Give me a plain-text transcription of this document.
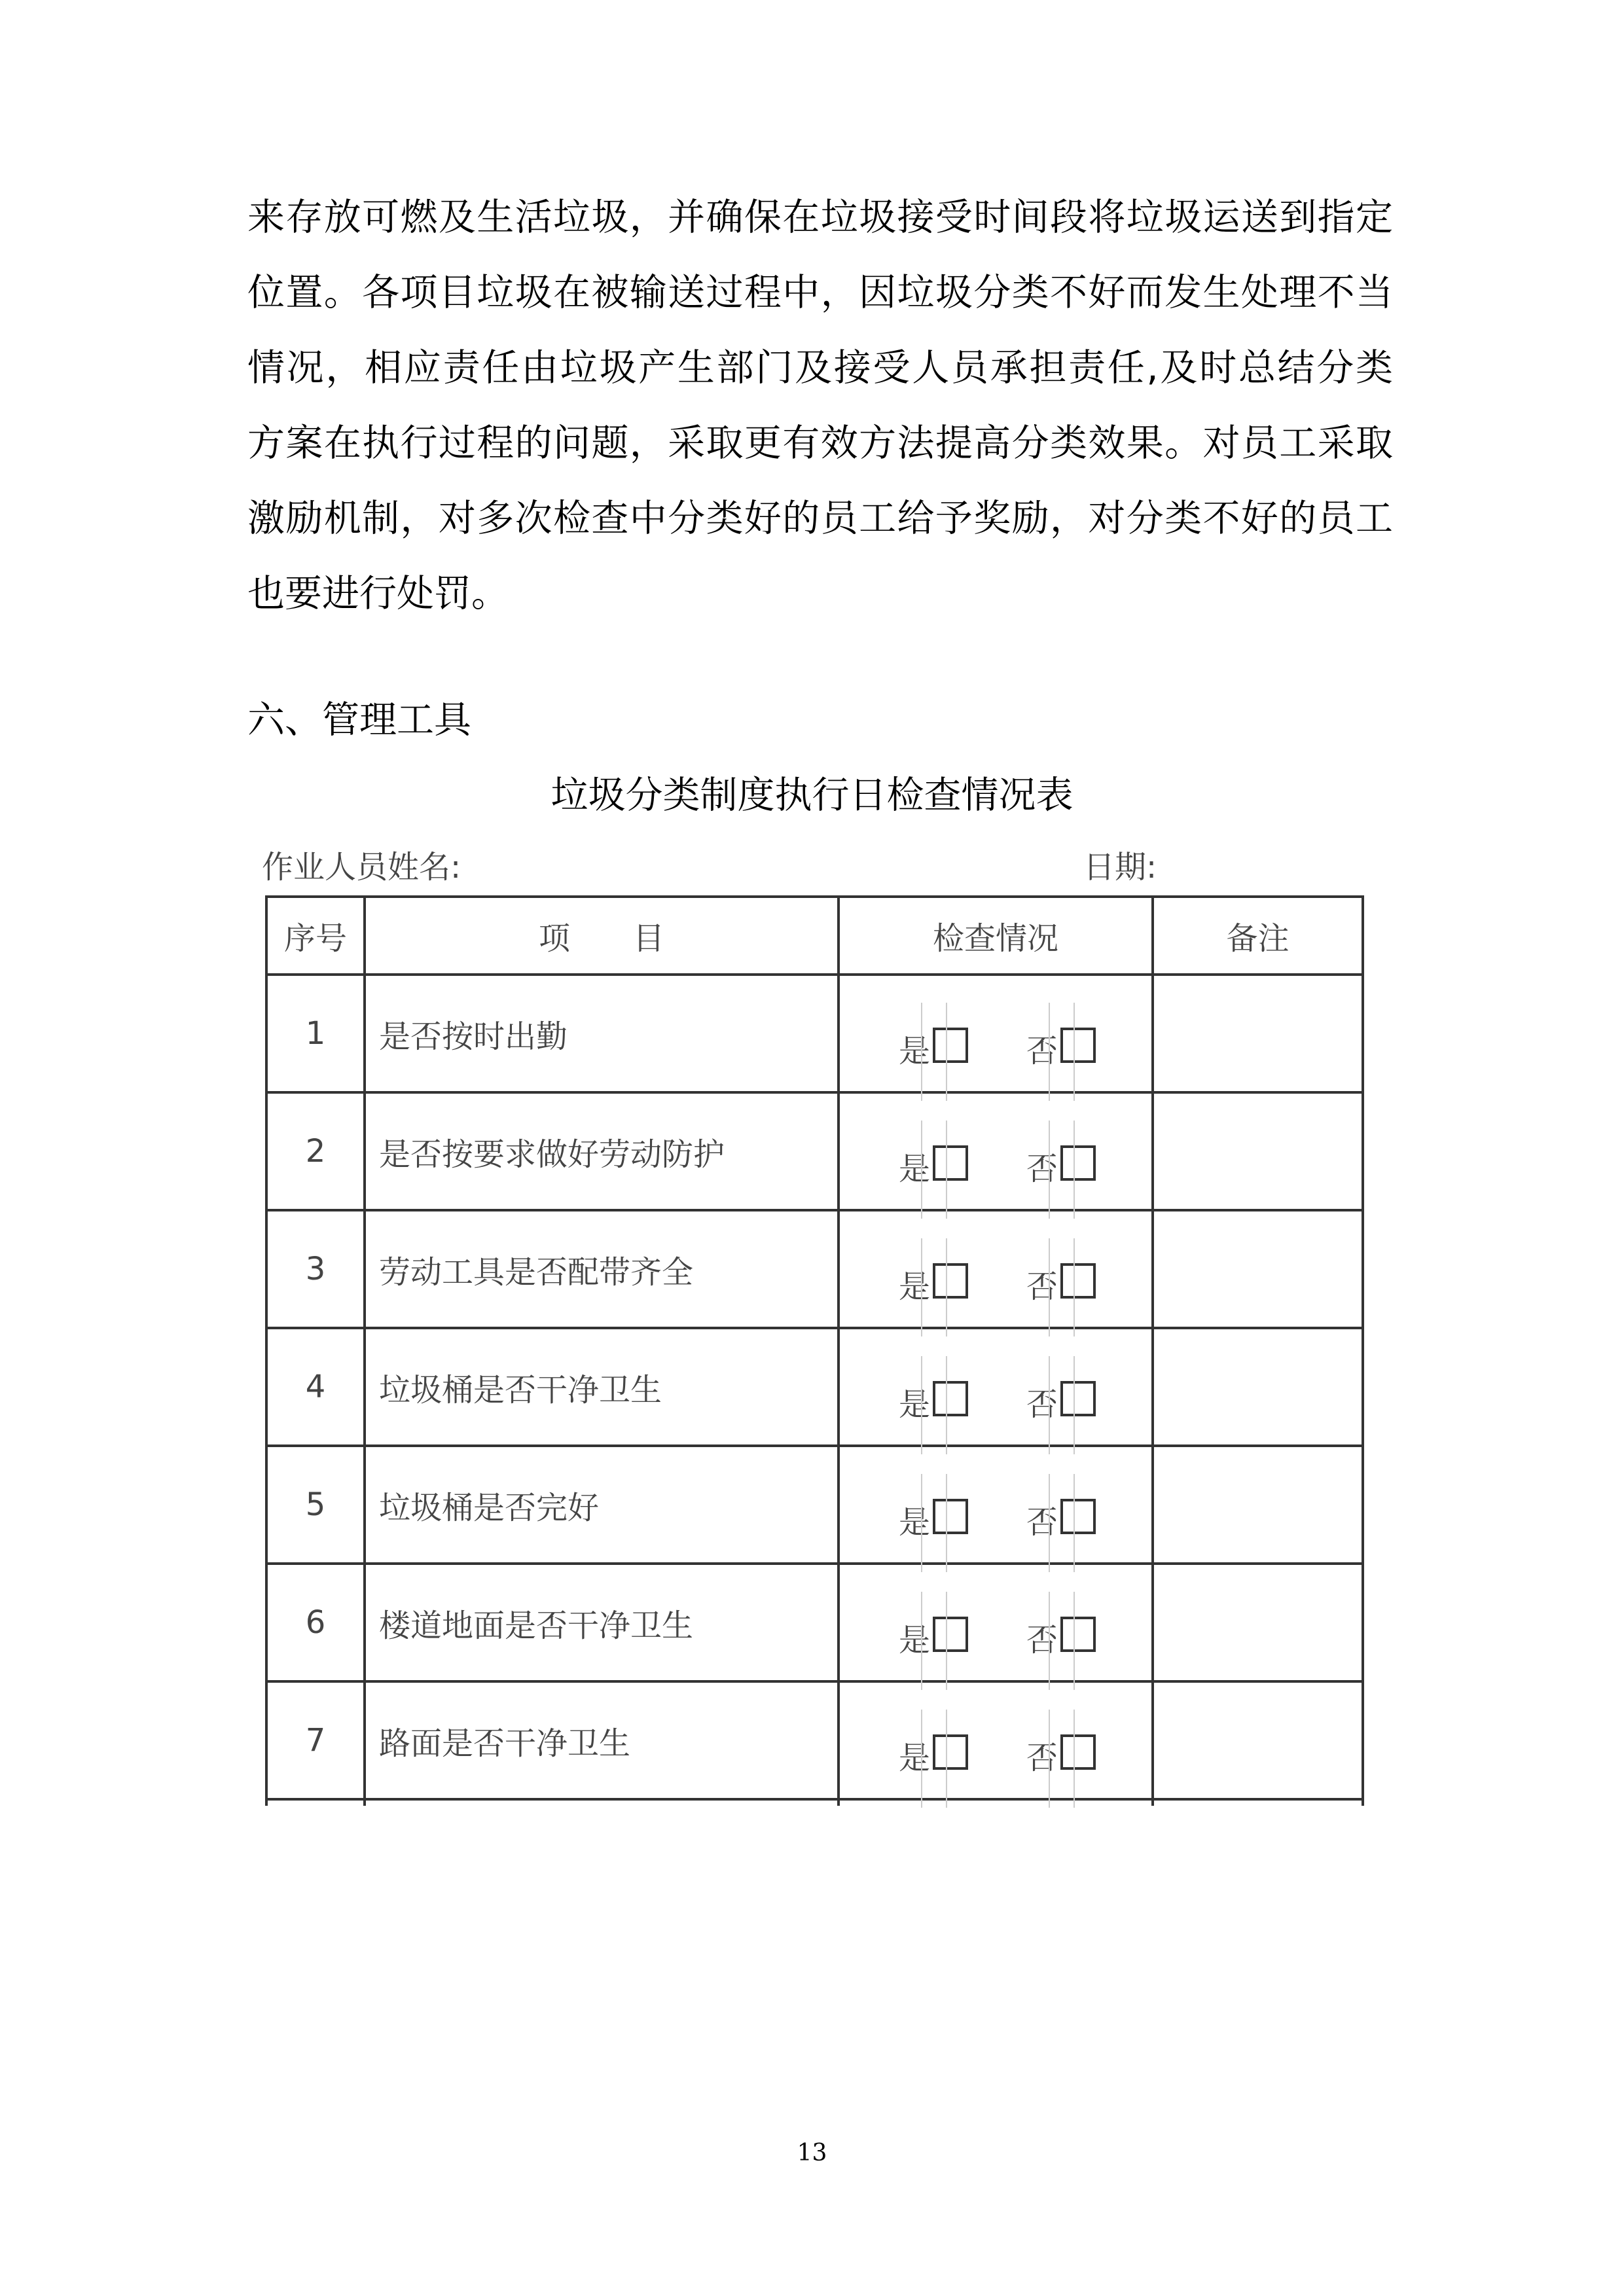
来存放可燃及生活垃圾，并确保在垃圾接受时间段将垃圾运送到指定
位置。各项目垃圾在被输送过程中，因垃圾分类不好而发生处理不当
情况，相应责任由垃圾产生部门及接受人员承担责任,及时总结分类
方案在执行过程的问题，采取更有效方法提高分类效果。对员工采取
激励机制，对多次检查中分类好的员工给予奖励，对分类不好的员工
也要进行处罚。

六、管理工具
垃圾分类制度执行日检查情况表
作业人员姓名:	日期:
序号	项　　目	检查情况	备注
1	是否按时出勤	是 否	

2	是否按要求做好劳动防护	是 否	

3	劳动工具是否配带齐全	是 否	

4	垃圾桶是否干净卫生	是 否	

5	垃圾桶是否完好	是 否	

6	楼道地面是否干净卫生	是 否	

7	路面是否干净卫生	是 否	

13
